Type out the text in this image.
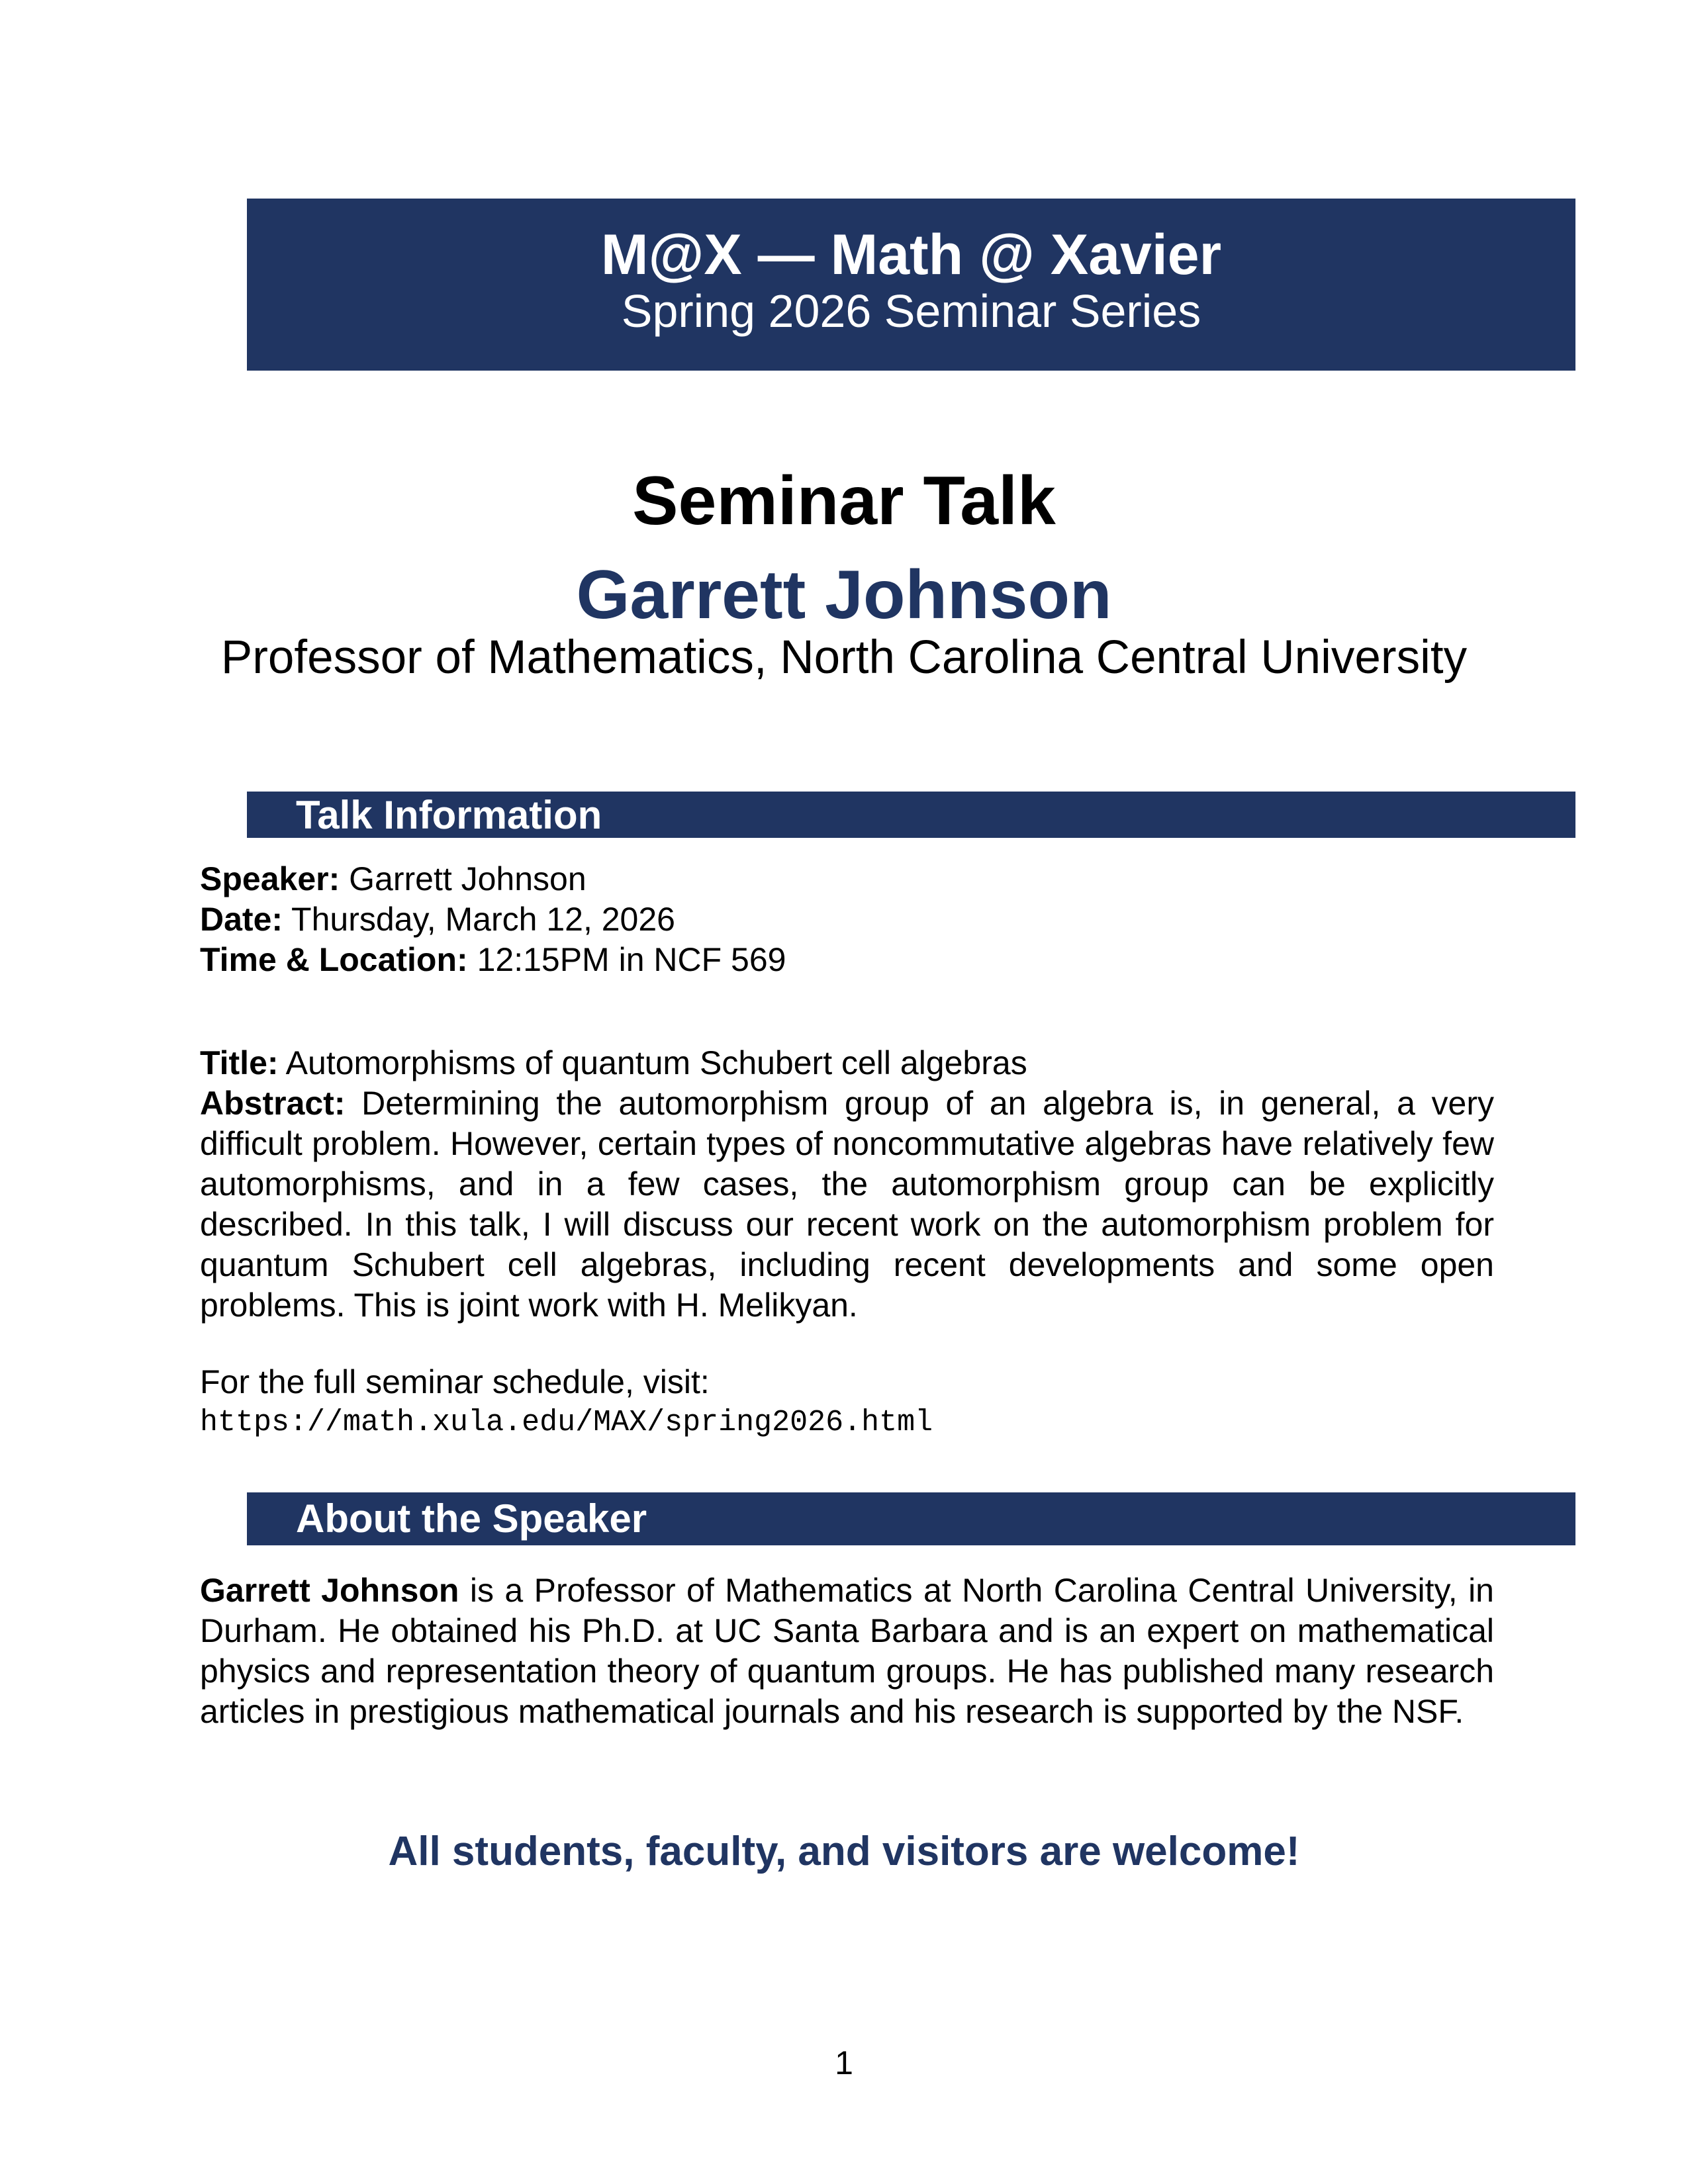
M@X — Math @ Xavier
Spring 2026 Seminar Series
Seminar Talk
Garrett Johnson
Professor of Mathematics, North Carolina Central University
Talk Information
Speaker: Garrett Johnson
Date: Thursday, March 12, 2026
Time & Location: 12:15PM in NCF 569
Title: Automorphisms of quantum Schubert cell algebras
Abstract: Determining the automorphism group of an algebra is, in general, a very difficult problem. However, certain types of noncommutative algebras have relatively few automorphisms, and in a few cases, the automorphism group can be explicitly described. In this talk, I will discuss our recent work on the automorphism problem for quantum Schubert cell algebras, including recent developments and some open problems. This is joint work with H. Melikyan.
For the full seminar schedule, visit:
https://math.xula.edu/MAX/spring2026.html
About the Speaker
Garrett Johnson is a Professor of Mathematics at North Carolina Central University, in Durham. He obtained his Ph.D. at UC Santa Barbara and is an expert on mathematical physics and representation theory of quantum groups. He has published many research articles in prestigious mathematical journals and his research is supported by the NSF.
All students, faculty, and visitors are welcome!
1
